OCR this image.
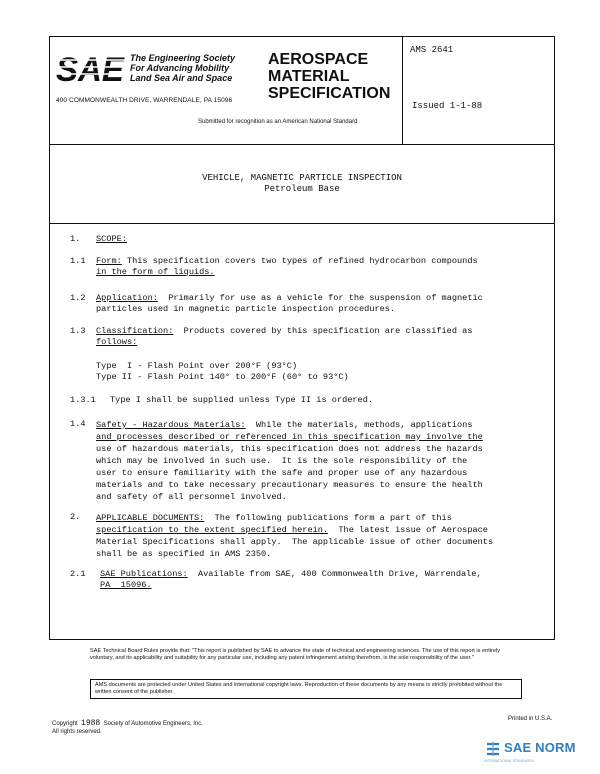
SAE The Engineering Society
For Advancing Mobility
Land Sea Air and Space
400 COMMONWEALTH DRIVE, WARRENDALE, PA 15096
AEROSPACE
MATERIAL
SPECIFICATION
Submitted for recognition as an American National Standard
AMS 2641
Issued 1-1-88
VEHICLE, MAGNETIC PARTICLE INSPECTION
Petroleum Base
1. SCOPE:
1.1 Form: This specification covers two types of refined hydrocarbon compounds
in the form of liquids.
1.2 Application:  Primarily for use as a vehicle for the suspension of magnetic
particles used in magnetic particle inspection procedures.
1.3 Classification:  Products covered by this specification are classified as
follows:
Type  I - Flash Point over 200°F (93°C)
Type II - Flash Point 140° to 200°F (60° to 93°C)
1.3.1 Type I shall be supplied unless Type II is ordered.
1.4 Safety - Hazardous Materials:  While the materials, methods, applications
and processes described or referenced in this specification may involve the
use of hazardous materials, this specification does not address the hazards
which may be involved in such use.  It is the sole responsibility of the
user to ensure familiarity with the safe and proper use of any hazardous
materials and to take necessary precautionary measures to ensure the health
and safety of all personnel involved.
2. APPLICABLE DOCUMENTS:  The following publications form a part of this
specification to the extent specified herein.  The latest issue of Aerospace
Material Specifications shall apply.  The applicable issue of other documents
shall be as specified in AMS 2350.
2.1 SAE Publications:  Available from SAE, 400 Commonwealth Drive, Warrendale,
PA  15096.
SAE Technical Board Rules provide that: "This report is published by SAE to advance the state of technical and engineering sciences. The use of this report is entirely voluntary, and its applicability and suitability for any particular use, including any patent infringement arising therefrom, is the sole responsibility of the user."
AMS documents are protected under United States and international copyright laws. Reproduction of these documents by any means is strictly prohibited without the written consent of the publisher.
Copyright 1988 Society of Automotive Engineers, Inc.
All rights reserved.
Printed in U.S.A.
SAE NORM
INTERNATIONAL STANDARDS
